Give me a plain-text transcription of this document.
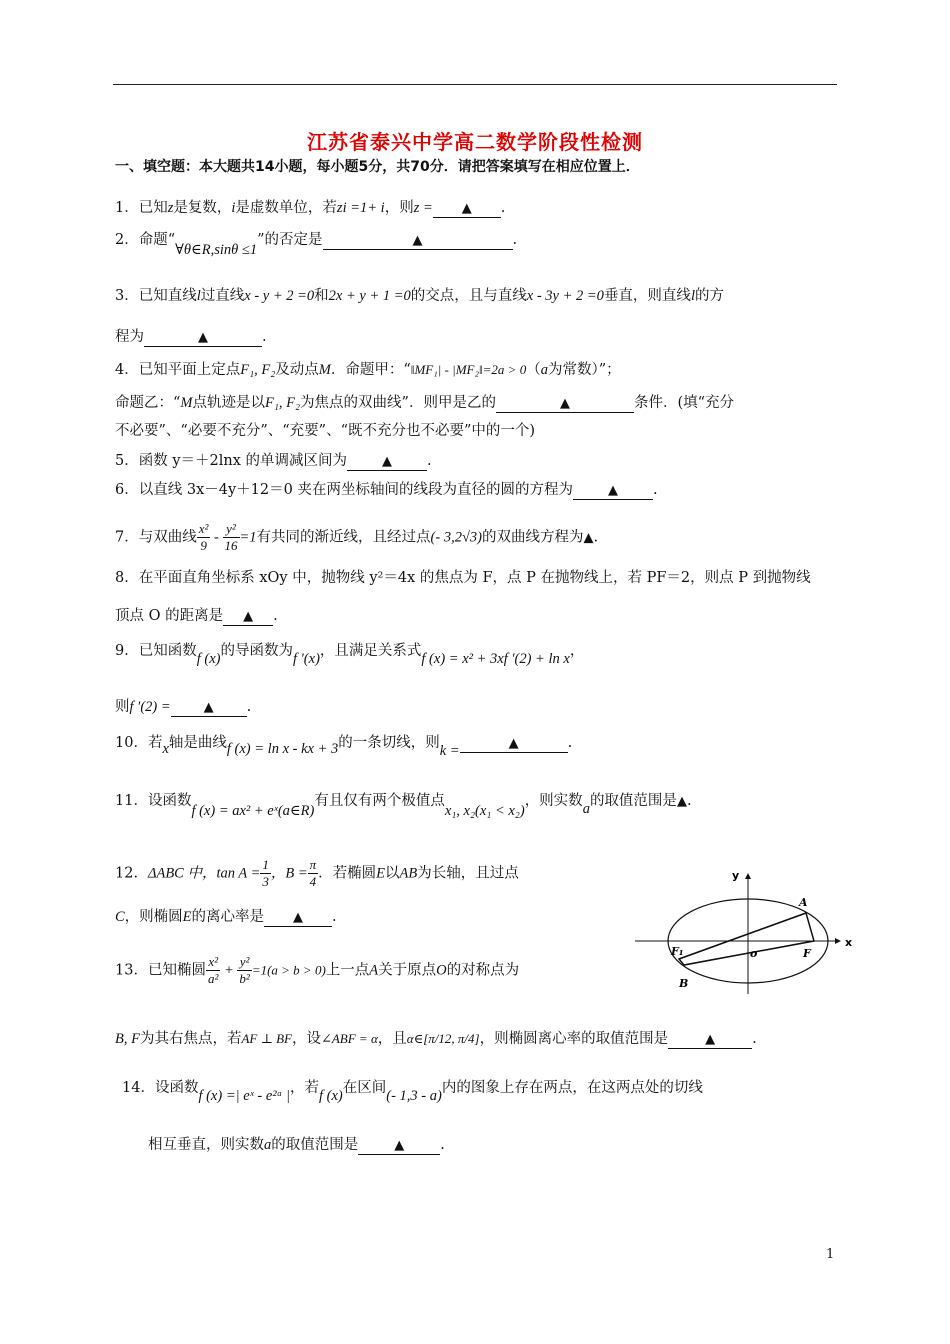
江苏省泰兴中学高二数学阶段性检测
一、填空题：本大题共14小题，每小题5分，共70分．请把答案填写在相应位置上．
1．已知z是复数，i是虚数单位，若zi =1+ i，则z = ▲ .
2．命题“∀θ∈R,sinθ ≤1”的否定是	▲	.
3．已知直线l过直线x - y + 2 =0和2x + y + 1 =0的交点，且与直线x - 3y + 2 =0垂直，则直线l的方
程为	▲	.
4．已知平面上定点F₁, F₂及动点M．命题甲：“‖MF₁| - |MF₂‖=2a > 0（a为常数）”；
命题乙：“M点轨迹是以F₁, F₂为焦点的双曲线”．则甲是乙的	▲	条件．(填“充分
不必要”、“必要不充分”、“充要”、“既不充分也不必要”中的一个)
5．函数 y＝＋2lnx 的单调减区间为	▲ .
6．以直线 3x－4y＋12＝0 夹在两坐标轴间的线段为直径的圆的方程为	▲ .
7．与双曲线 $\frac{\text{x²}}{9} - \frac{\text{y²}}{16} =1$有共同的渐近线，且经过点(- 3,2√3)的双曲线方程为▲.
8．在平面直角坐标系 xOy 中，抛物线 y²＝4x 的焦点为 F，点 P 在抛物线上，若 PF＝2，则点 P 到抛物线
顶点 O 的距离是 ▲ .
9．已知函数f (x)的导函数为f ′(x)，且满足关系式f (x) = x² + 3xf ′(2) + ln x，
则f ′(2) =	▲ .
10．若x轴是曲线f (x) = ln x - kx + 3的一条切线，则k =	▲	.
11．设函数f (x) = ax² + eˣ(a∈R)有且仅有两个极值点x₁, x₂(x₁ < x₂)，则实数a的取值范围是▲.
12．ΔABC 中，$\tan A = \frac{1}{3}$ ，$B = \frac{\pi}{4}$ ．若椭圆E以AB为长轴，且过点
C，则椭圆E的离心率是 ▲ .
13．已知椭圆 $\frac{\text{x²}}{\text{a²}} + \frac{\text{y²}}{\text{b²}} =1(a > b > 0)$上一点A关于原点O的对称点为
B, F为其右焦点，若AF ⊥ BF，设∠ABF = α，且α∈[π/12, π/4]，则椭圆离心率的取值范围是	▲	.
14．设函数f (x) =| eˣ - e²ᵃ |，若f (x)在区间(- 1,3 - a)内的图象上存在两点，在这两点处的切线
相互垂直，则实数a的取值范围是	▲ .
y
x
A
B
F₁	F
o
1
